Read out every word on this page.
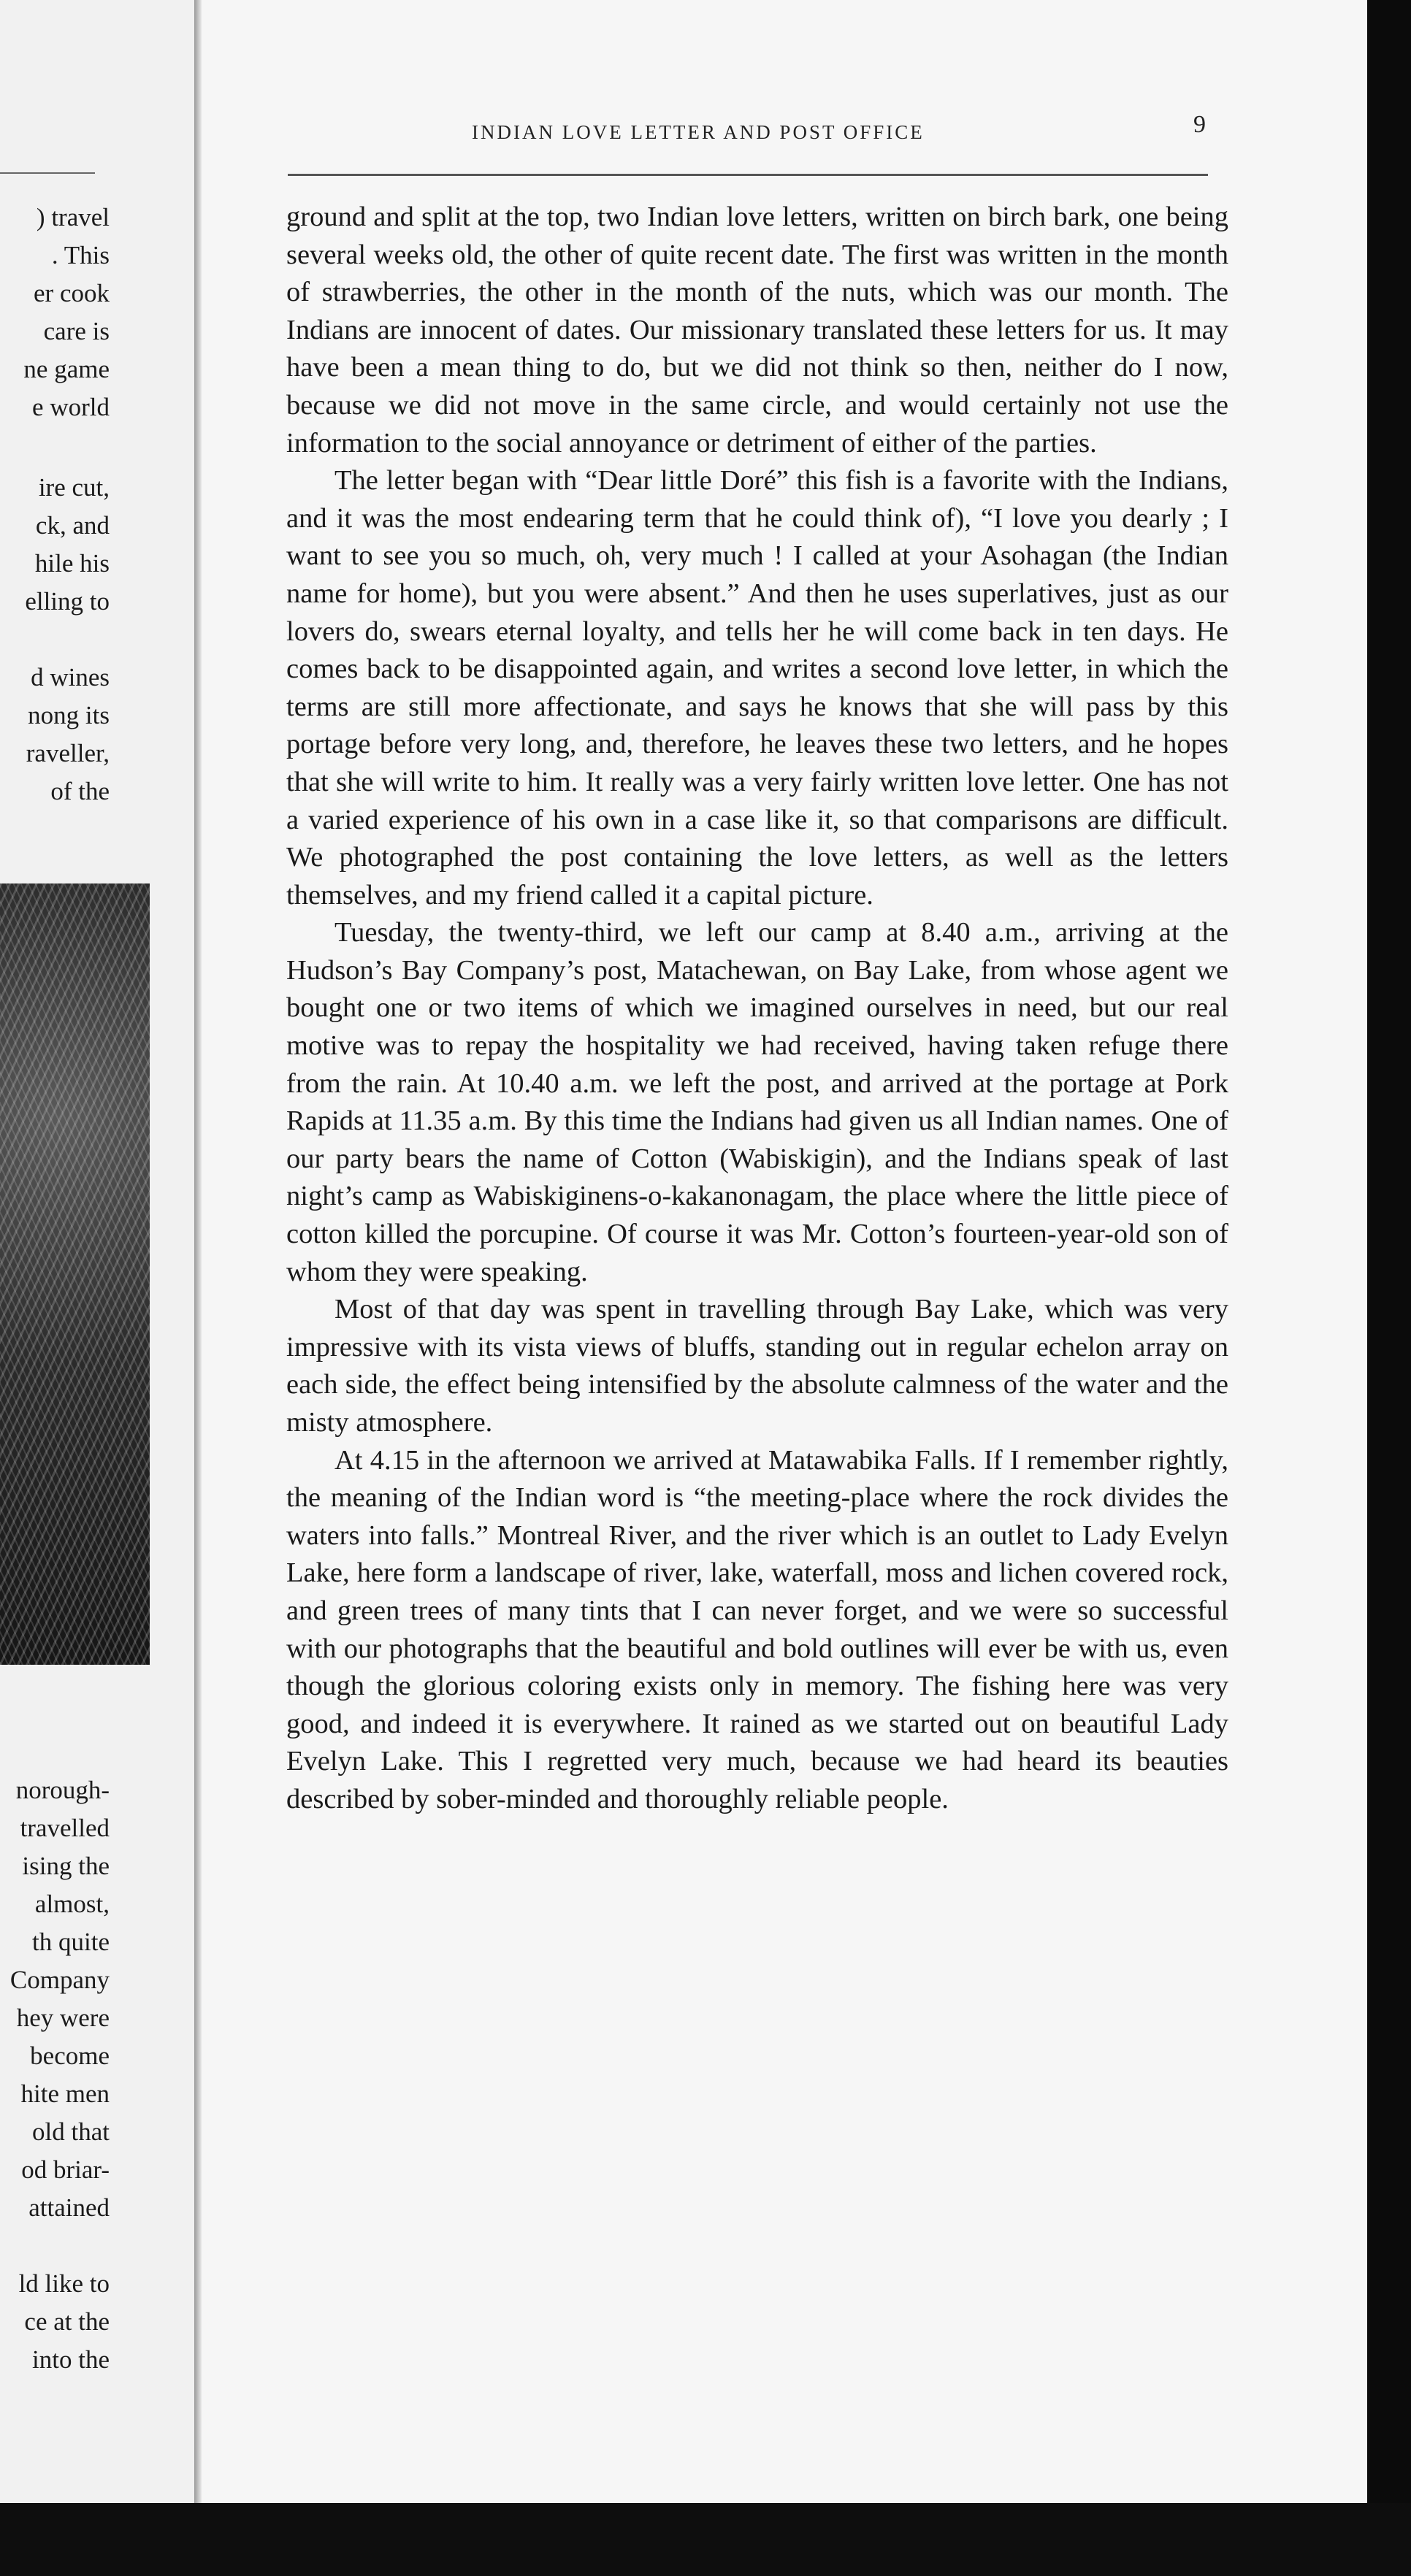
) travel
. This
er cook
care is
ne game
e world
ire cut,
ck, and
hile his
elling to
d wines
nong its
raveller,
of the
norough-
travelled
ising the
almost,
th quite
Company
hey were
become
hite men
old that
od briar-
attained
ld like to
ce at the
into the
INDIAN LOVE LETTER AND POST OFFICE	9

ground and split at the top, two Indian love letters, written on birch bark, one being several weeks old, the other of quite recent date. The first was written in the month of strawberries, the other in the month of the nuts, which was our month. The Indians are innocent of dates. Our missionary translated these letters for us. It may have been a mean thing to do, but we did not think so then, neither do I now, because we did not move in the same circle, and would certainly not use the information to the social annoyance or detriment of either of the parties.

The letter began with “Dear little Doré” this fish is a favorite with the Indians, and it was the most endearing term that he could think of), “I love you dearly ; I want to see you so much, oh, very much ! I called at your Asohagan (the Indian name for home), but you were absent.” And then he uses superlatives, just as our lovers do, swears eternal loyalty, and tells her he will come back in ten days. He comes back to be disappointed again, and writes a second love letter, in which the terms are still more affectionate, and says he knows that she will pass by this portage before very long, and, therefore, he leaves these two letters, and he hopes that she will write to him. It really was a very fairly written love letter. One has not a varied experience of his own in a case like it, so that comparisons are difficult. We photographed the post containing the love letters, as well as the letters themselves, and my friend called it a capital picture.

Tuesday, the twenty-third, we left our camp at 8.40 a.m., arriving at the Hudson’s Bay Company’s post, Matachewan, on Bay Lake, from whose agent we bought one or two items of which we imagined ourselves in need, but our real motive was to repay the hospitality we had received, having taken refuge there from the rain. At 10.40 a.m. we left the post, and arrived at the portage at Pork Rapids at 11.35 a.m. By this time the Indians had given us all Indian names. One of our party bears the name of Cotton (Wabiskigin), and the Indians speak of last night’s camp as Wabiskiginens-o-kakanonagam, the place where the little piece of cotton killed the porcupine. Of course it was Mr. Cotton’s fourteen-year-old son of whom they were speaking.

Most of that day was spent in travelling through Bay Lake, which was very impressive with its vista views of bluffs, standing out in regular echelon array on each side, the effect being intensified by the absolute calmness of the water and the misty atmosphere.

At 4.15 in the afternoon we arrived at Matawabika Falls. If I remember rightly, the meaning of the Indian word is “the meeting-place where the rock divides the waters into falls.” Montreal River, and the river which is an outlet to Lady Evelyn Lake, here form a landscape of river, lake, waterfall, moss and lichen covered rock, and green trees of many tints that I can never forget, and we were so successful with our photographs that the beautiful and bold outlines will ever be with us, even though the glorious coloring exists only in memory. The fishing here was very good, and indeed it is everywhere. It rained as we started out on beautiful Lady Evelyn Lake. This I regretted very much, because we had heard its beauties described by sober-minded and thoroughly reliable people.
